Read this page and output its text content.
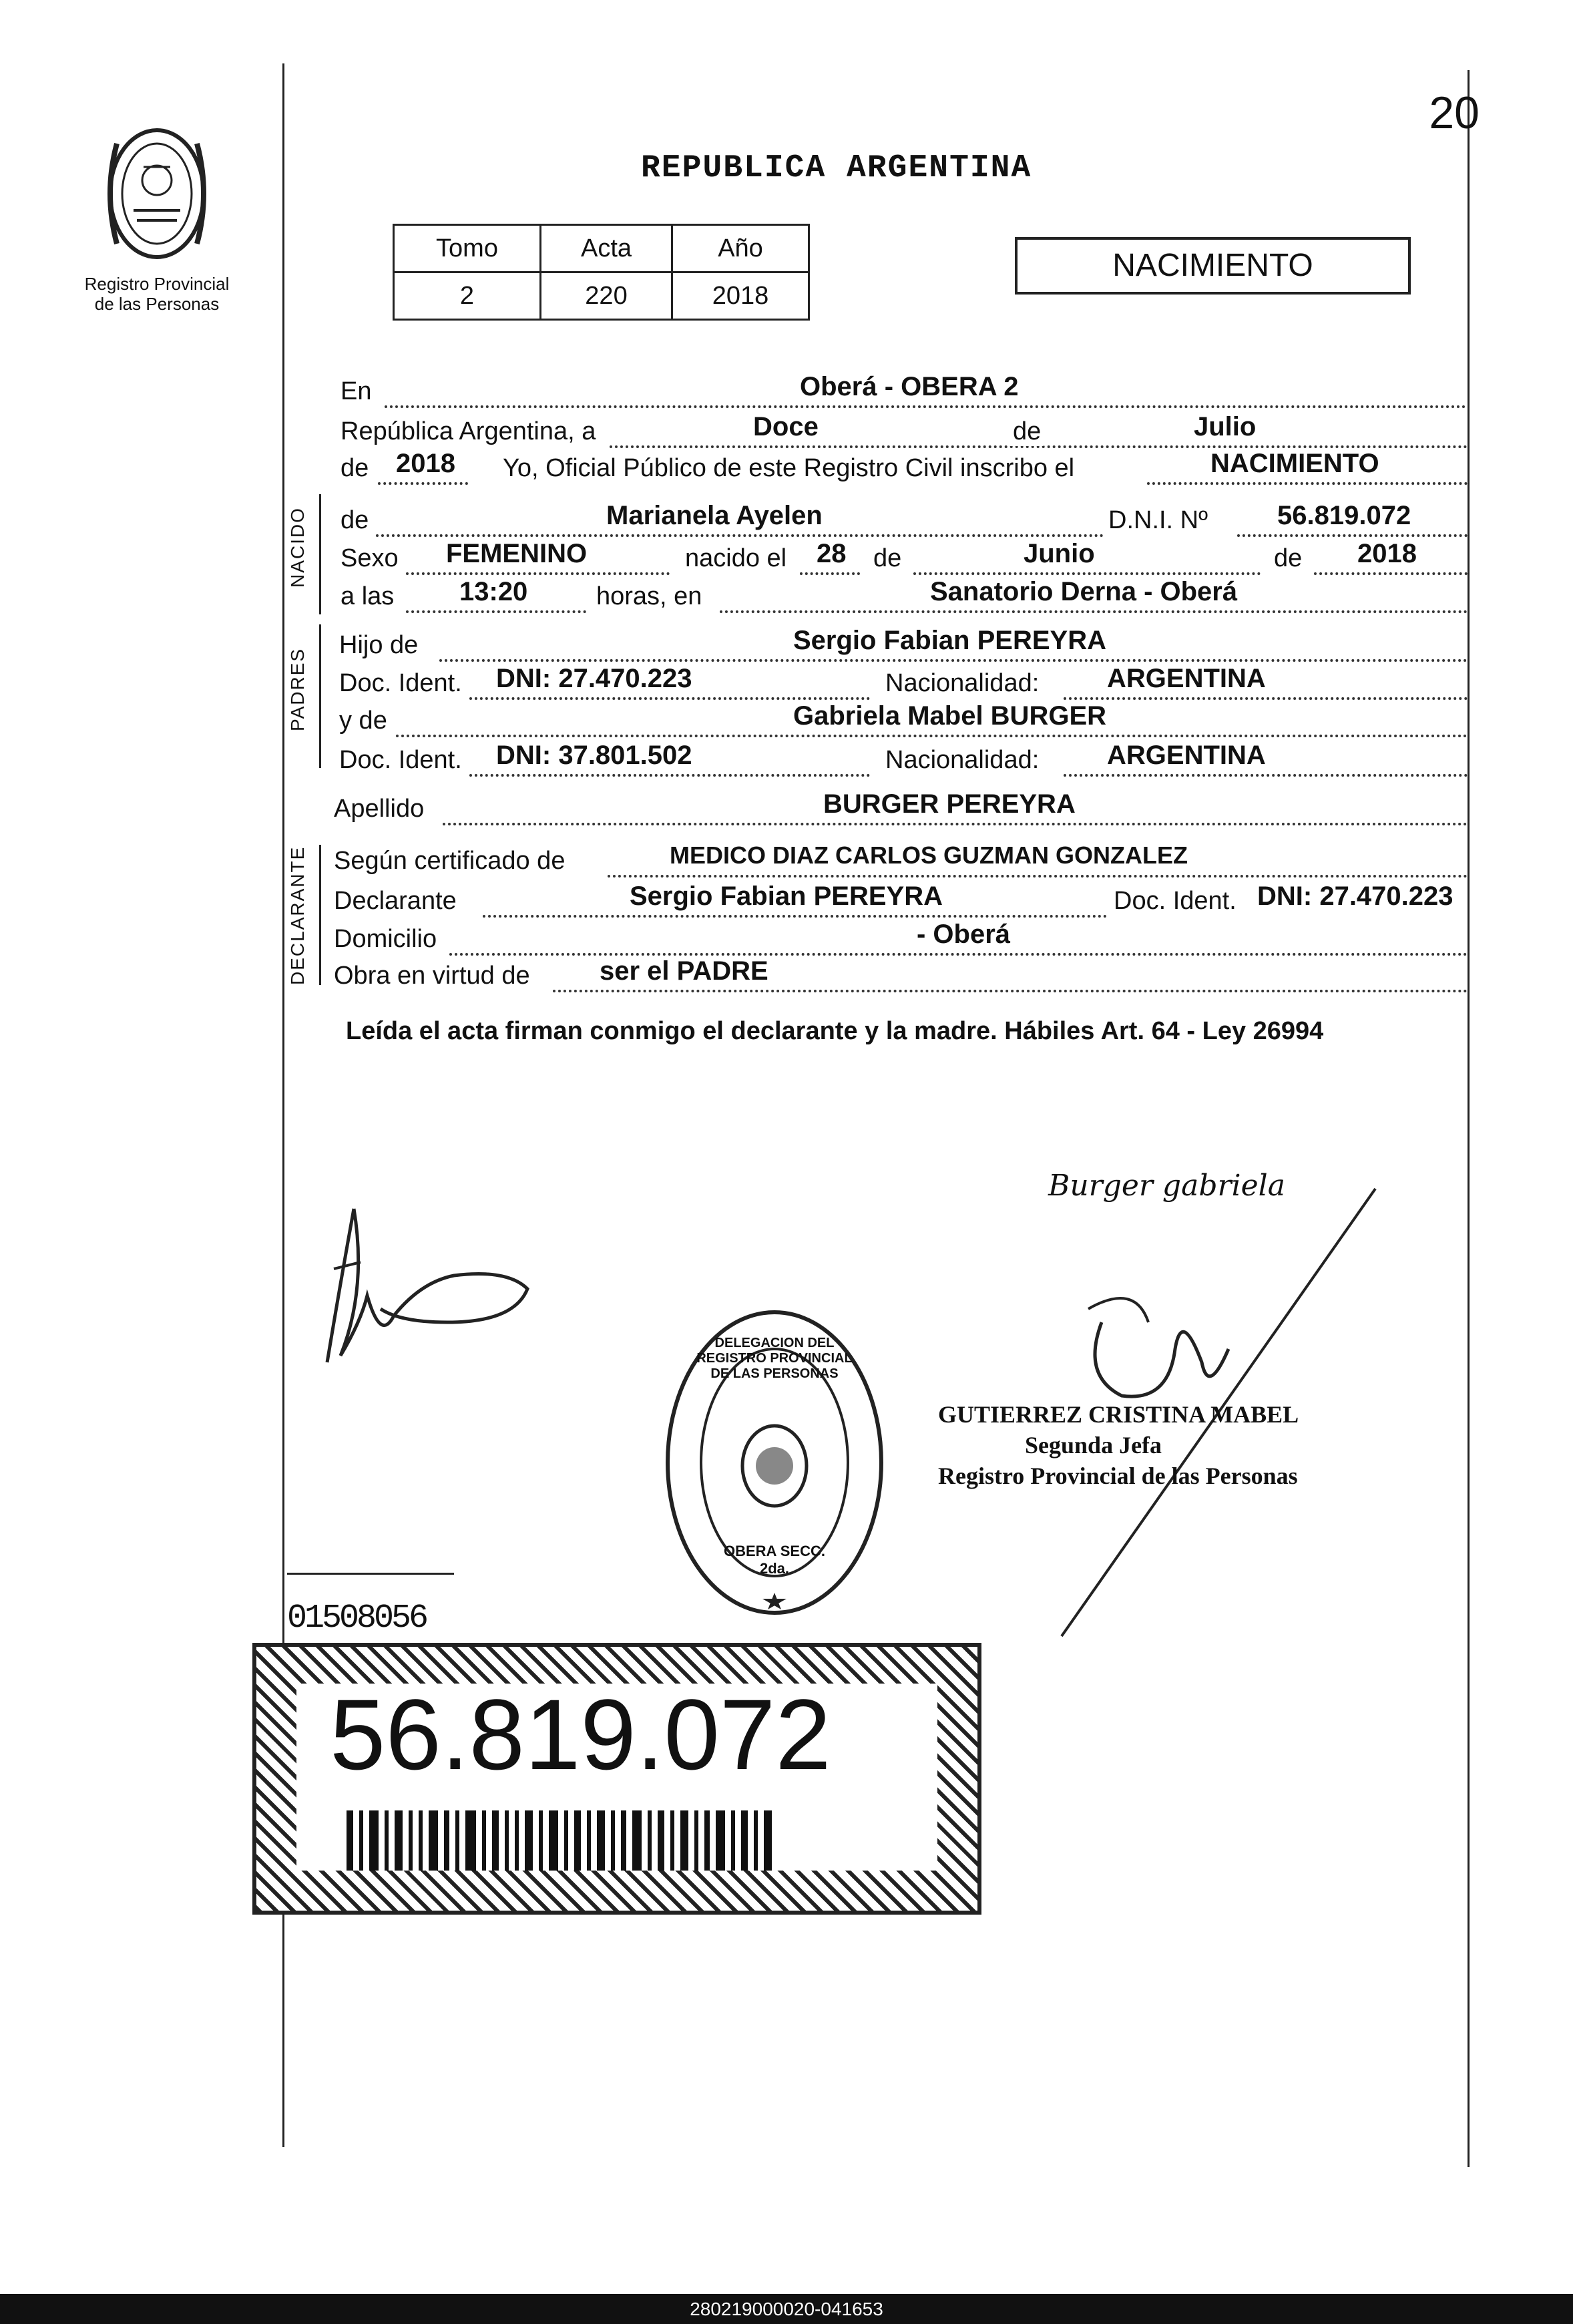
Registro Provincial
de las Personas
20
REPUBLICA ARGENTINA
Tomo	Acta	Año
2	220	2018
NACIMIENTO
En	Oberá - OBERA 2
República Argentina, a	Doce	de	Julio
de 2018 Yo, Oficial Público de este Registro Civil inscribo el	NACIMIENTO
NACIDO de	Marianela Ayelen	D.N.I. Nº	56.819.072
Sexo FEMENINO	nacido el 28 de	Junio	de 2018
a las 13:20	horas, en	Sanatorio Derna - Oberá
PADRES
Hijo de	Sergio Fabian PEREYRA
Doc. Ident. DNI: 27.470.223	Nacionalidad:	ARGENTINA
y de	Gabriela Mabel BURGER
Doc. Ident. DNI: 37.801.502	Nacionalidad:	ARGENTINA
Apellido	BURGER PEREYRA
DECLARANTE Según certificado de	MEDICO DIAZ CARLOS GUZMAN GONZALEZ
Declarante	Sergio Fabian PEREYRA	Doc. Ident. DNI: 27.470.223
Domicilio	- Oberá
Obra en virtud de	ser el PADRE
Leída el acta firman conmigo el declarante y la madre. Hábiles Art. 64 - Ley 26994
Burger gabriela
DELEGACION DEL REGISTRO PROVINCIAL DE LAS PERSONAS
OBERA SECC. 2da.
GUTIERREZ CRISTINA MABEL
Segunda Jefa
Registro Provincial de las Personas
01508056
56.819.072
280219000020-041653
